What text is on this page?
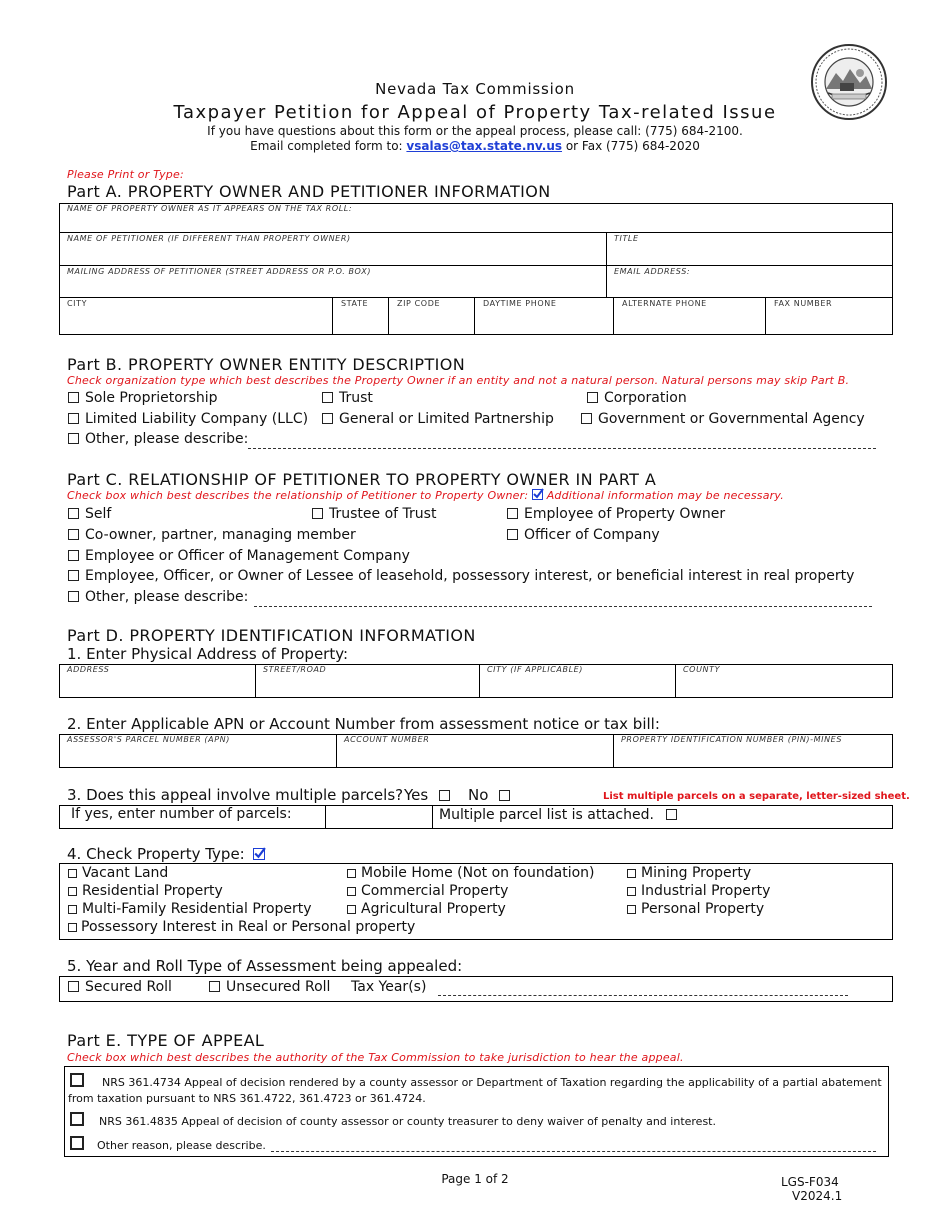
Nevada Tax Commission
Taxpayer Petition for Appeal of Property Tax-related Issue
If you have questions about this form or the appeal process, please call: (775) 684-2100.
Email completed form to: vsalas@tax.state.nv.us or Fax (775) 684-2020
Please Print or Type:
Part A. PROPERTY OWNER AND PETITIONER INFORMATION
NAME OF PROPERTY OWNER AS IT APPEARS ON THE TAX ROLL:
NAME OF PETITIONER (IF DIFFERENT THAN PROPERTY OWNER)	TITLE
MAILING ADDRESS OF PETITIONER (STREET ADDRESS OR P.O. BOX)	EMAIL ADDRESS:
CITY	STATE	ZIP CODE	DAYTIME PHONE	ALTERNATE PHONE	FAX NUMBER
Part B. PROPERTY OWNER ENTITY DESCRIPTION
Check organization type which best describes the Property Owner if an entity and not a natural person. Natural persons may skip Part B.
Sole Proprietorship	Trust	Corporation
Limited Liability Company (LLC)	General or Limited Partnership	Government or Governmental Agency
Other, please describe:
Part C. RELATIONSHIP OF PETITIONER TO PROPERTY OWNER IN PART A
Check box which best describes the relationship of Petitioner to Property Owner: Additional information may be necessary.
Self	Trustee of Trust	Employee of Property Owner
Co-owner, partner, managing member	Officer of Company
Employee or Officer of Management Company
Employee, Officer, or Owner of Lessee of leasehold, possessory interest, or beneficial interest in real property
Other, please describe:
Part D. PROPERTY IDENTIFICATION INFORMATION
1. Enter Physical Address of Property:
ADDRESS	STREET/ROAD	CITY (IF APPLICABLE)	COUNTY
2. Enter Applicable APN or Account Number from assessment notice or tax bill:
ASSESSOR'S PARCEL NUMBER (APN)	ACCOUNT NUMBER	PROPERTY IDENTIFICATION NUMBER (PIN)-MINES
3. Does this appeal involve multiple parcels? Yes	No	List multiple parcels on a separate, letter-sized sheet.
If yes, enter number of parcels:	Multiple parcel list is attached.
4. Check Property Type:
Vacant Land	Mobile Home (Not on foundation)	Mining Property
Residential Property	Commercial Property	Industrial Property
Multi-Family Residential Property	Agricultural Property	Personal Property
Possessory Interest in Real or Personal property
5. Year and Roll Type of Assessment being appealed:
Secured Roll	Unsecured Roll Tax Year(s)
Part E. TYPE OF APPEAL
Check box which best describes the authority of the Tax Commission to take jurisdiction to hear the appeal.
NRS 361.4734 Appeal of decision rendered by a county assessor or Department of Taxation regarding the applicability of a partial abatement
from taxation pursuant to NRS 361.4722, 361.4723 or 361.4724.
NRS 361.4835 Appeal of decision of county assessor or county treasurer to deny waiver of penalty and interest.
Other reason, please describe.
Page 1 of 2	LGS-F034
V2024.1
